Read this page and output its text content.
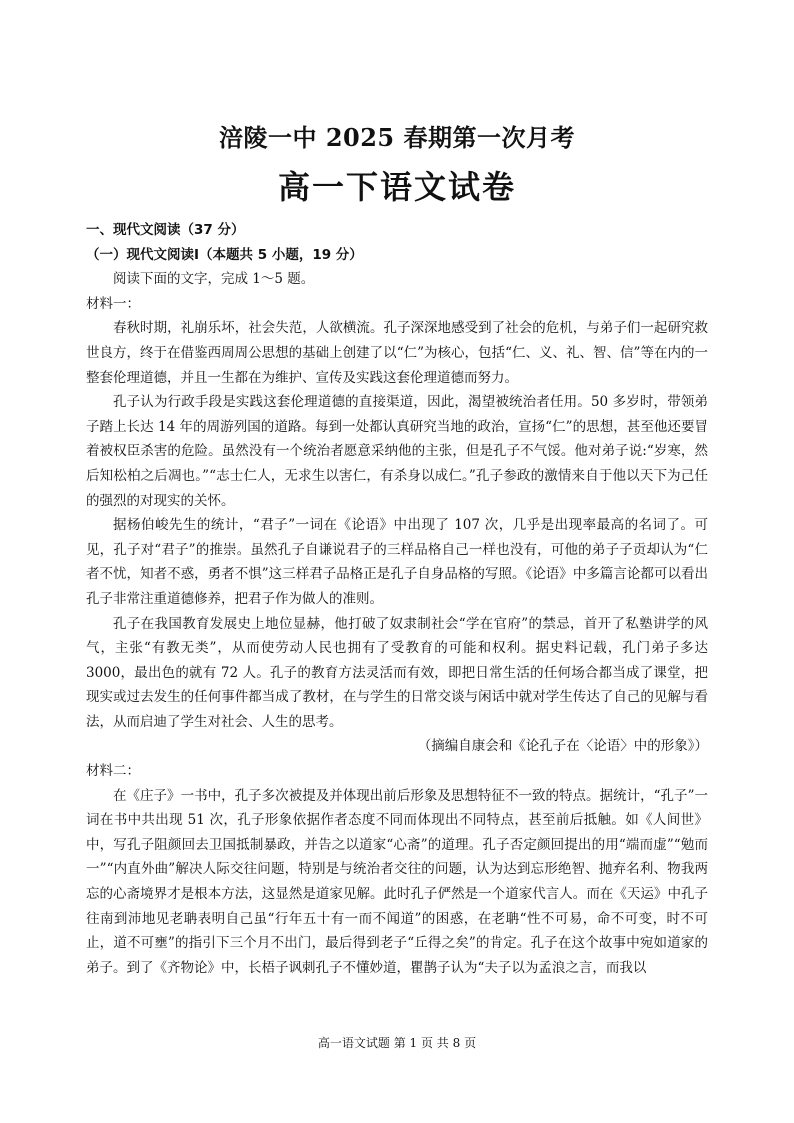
涪陵一中 2025 春期第一次月考
高一下语文试卷

一、现代文阅读（37 分）

（一）现代文阅读Ⅰ（本题共 5 小题，19 分）

阅读下面的文字，完成 1～5 题。

材料一：

春秋时期，礼崩乐坏，社会失范，人欲横流。孔子深深地感受到了社会的危机，与弟子们一起研究救世良方，终于在借鉴西周周公思想的基础上创建了以“仁”为核心，包括“仁、义、礼、智、信”等在内的一整套伦理道德，并且一生都在为维护、宣传及实践这套伦理道德而努力。

孔子认为行政手段是实践这套伦理道德的直接渠道，因此，渴望被统治者任用。50 多岁时，带领弟子踏上长达 14 年的周游列国的道路。每到一处都认真研究当地的政治，宣扬“仁”的思想，甚至他还要冒着被权臣杀害的危险。虽然没有一个统治者愿意采纳他的主张，但是孔子不气馁。他对弟子说:“岁寒，然后知松柏之后凋也。”“志士仁人，无求生以害仁，有杀身以成仁。”孔子参政的激情来自于他以天下为己任的强烈的对现实的关怀。

据杨伯峻先生的统计，“君子”一词在《论语》中出现了 107 次，几乎是出现率最高的名词了。可见，孔子对“君子”的推崇。虽然孔子自谦说君子的三样品格自己一样也没有，可他的弟子子贡却认为“仁者不忧，知者不惑，勇者不惧”这三样君子品格正是孔子自身品格的写照。《论语》中多篇言论都可以看出孔子非常注重道德修养，把君子作为做人的准则。

孔子在我国教育发展史上地位显赫，他打破了奴隶制社会“学在官府”的禁忌，首开了私塾讲学的风气，主张“有教无类”，从而使劳动人民也拥有了受教育的可能和权利。据史料记载，孔门弟子多达 3000，最出色的就有 72 人。孔子的教育方法灵活而有效，即把日常生活的任何场合都当成了课堂，把现实或过去发生的任何事件都当成了教材，在与学生的日常交谈与闲话中就对学生传达了自己的见解与看法，从而启迪了学生对社会、人生的思考。

（摘编自康会和《论孔子在〈论语〉中的形象》）

材料二：

在《庄子》一书中，孔子多次被提及并体现出前后形象及思想特征不一致的特点。据统计，“孔子”一词在书中共出现 51 次，孔子形象依据作者态度不同而体现出不同特点，甚至前后抵触。如《人间世》中，写孔子阻颜回去卫国抵制暴政，并告之以道家“心斋”的道理。孔子否定颜回提出的用“端而虚”“勉而一”“内直外曲”解决人际交往问题，特别是与统治者交往的问题，认为达到忘形绝智、抛弃名利、物我两忘的心斋境界才是根本方法，这显然是道家见解。此时孔子俨然是一个道家代言人。而在《天运》中孔子往南到沛地见老聃表明自己虽“行年五十有一而不闻道”的困惑，在老聃“性不可易，命不可变，时不可止，道不可壅”的指引下三个月不出门，最后得到老子“丘得之矣”的肯定。孔子在这个故事中宛如道家的弟子。到了《齐物论》中，长梧子讽刺孔子不懂妙道，瞿鹊子认为“夫子以为孟浪之言，而我以

高一语文试题 第 1 页 共 8 页
